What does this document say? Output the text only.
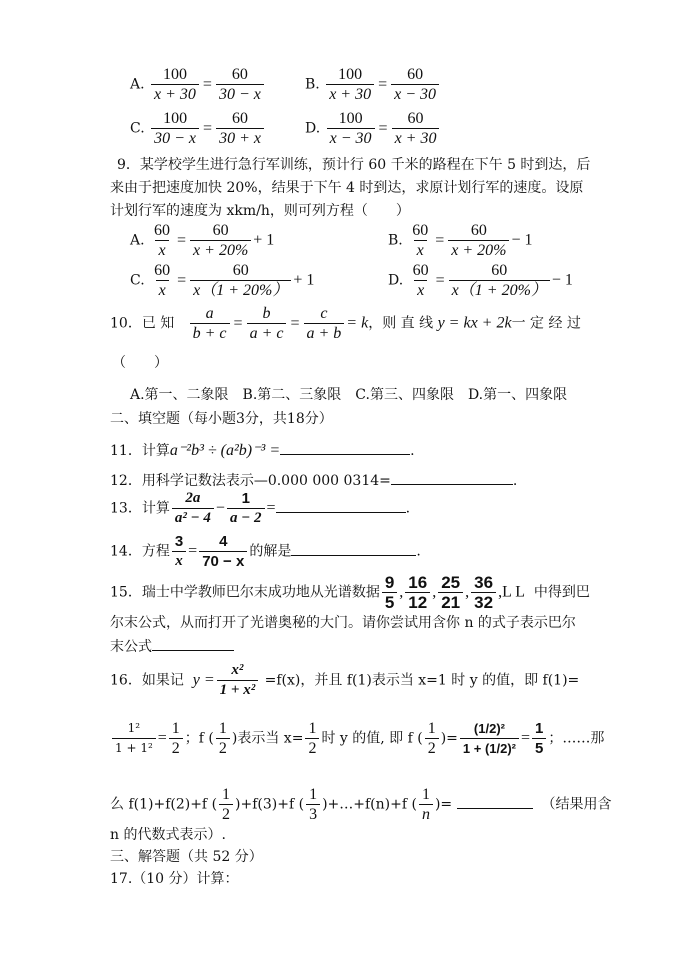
A. $\frac{100}{x + 30} = \frac{60}{30 - x}$	B. $\frac{100}{x + 30} = \frac{60}{x - 30}$
C. $\frac{100}{30 - x} = \frac{60}{30 + x}$	D. $\frac{100}{x - 30} = \frac{60}{x + 30}$
9．某学校学生进行急行军训练，预计行 60 千米的路程在下午 5 时到达，后
来由于把速度加快 20%，结果于下午 4 时到达，求原计划行军的速度。设原
计划行军的速度为 xkm/h，则可列方程（　　）
A. $\frac{60}{x} = \frac{60}{x + 20\%} + 1$	B. $\frac{60}{x} = \frac{60}{x + 20\%} - 1$
C. $\frac{60}{x} = \frac{60}{x(1 + 20\%)} + 1$	D. $\frac{60}{x} = \frac{60}{x(1 + 20\%)} - 1$
10．已 知 $\frac{a}{b + c} = \frac{b}{a + c} = \frac{c}{a + b} = k$，则 直 线 y = kx + 2k一 定 经 过
（　　）
A.第一、二象限　B.第二、三象限　C.第三、四象限　D.第一、四象限
二、填空题（每小题3分，共18分）
11．计算a⁻²b³ ÷ (a²b)⁻³ =	.
12．用科学记数法表示—0.000 000 0314=	.
13．计算 $\frac{2a}{\text{a² − 4}} - \frac{1}{a - 2}$ =	.
14．方程 $\frac{3}{x} = \frac{4}{70 - x}$ 的解是	.
15．瑞士中学教师巴尔末成功地从光谱数据 $\frac{9}{5}$ , $\frac{16}{12}$ , $\frac{25}{21}$ , $\frac{36}{32} ,L$ L 中得到巴
尔末公式，从而打开了光谱奥秘的大门。请你尝试用含你 n 的式子表示巴尔
末公式
16．如果记 $y = \frac{\text{x²}}{\text{1 + x²}} =f(x)$，并且 f(1)表示当 x=1 时 y 的值，即 f(1)=
$\frac{\text{1²}}{\text{1 + 1²}} = \frac{1}{2}$ ；f ( $\frac{1}{2}$ )表示当 $x= \frac{1}{2}$ 时 y 的值, 即 f ( $\frac{1}{2}$ )= $\frac{\text{(1/2)²}}{\text{1 + (1/2)²}} = \frac{1}{5}$ ；……那
么 f(1)+f(2)+f ( $\frac{1}{2} )+f(3)+f$ ( $\frac{1}{3}$ )+…+f(n)+f ( $\frac{1}{n}$ )=	（结果用含
n 的代数式表示）.
三、解答题（共 52 分）
17.（10 分）计算：
